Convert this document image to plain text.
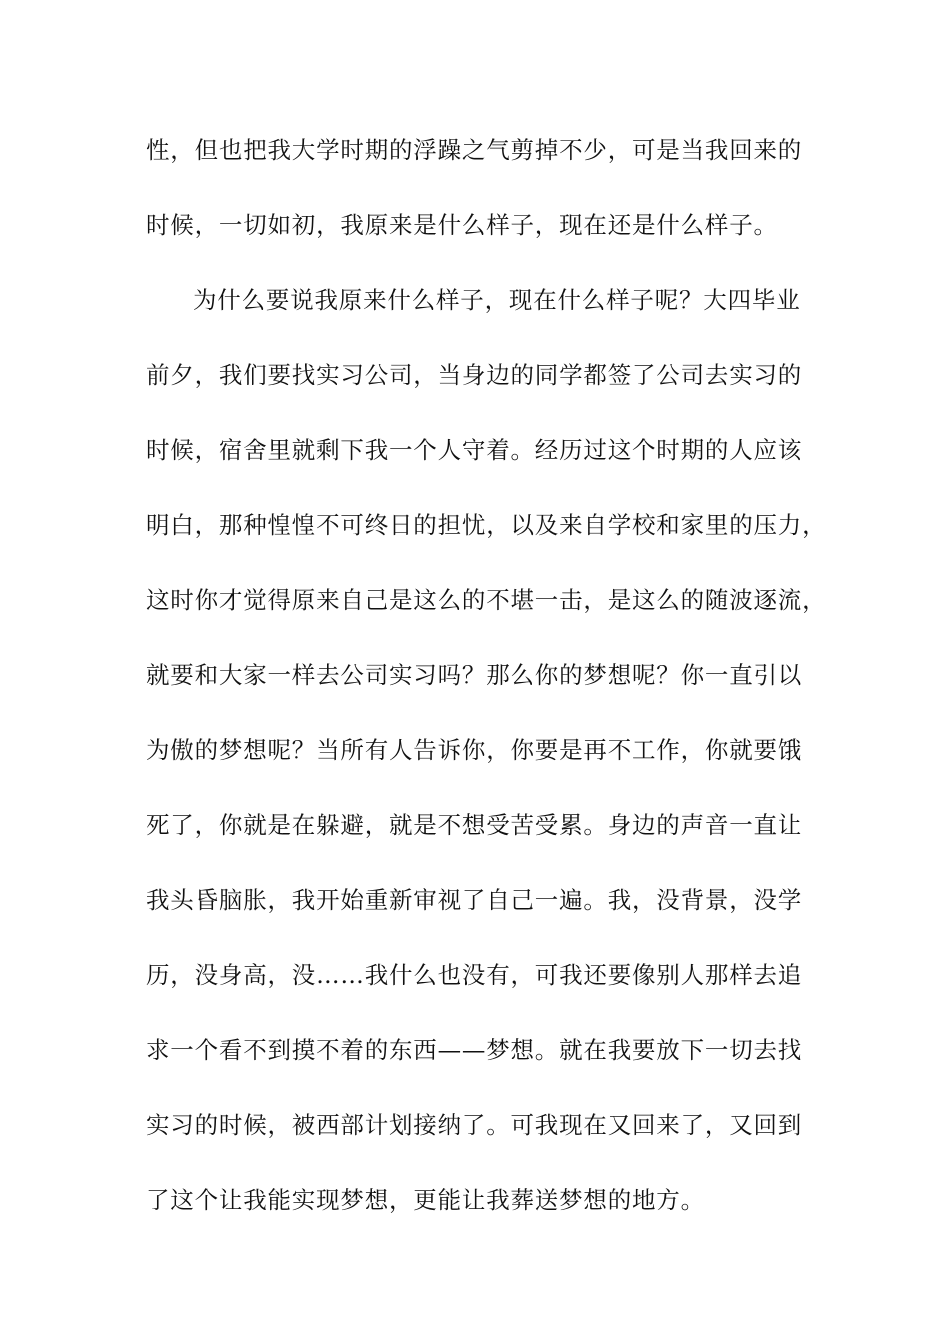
性，但也把我大学时期的浮躁之气剪掉不少，可是当我回来的
时候，一切如初，我原来是什么样子，现在还是什么样子。
为什么要说我原来什么样子，现在什么样子呢？大四毕业
前夕，我们要找实习公司，当身边的同学都签了公司去实习的
时候，宿舍里就剩下我一个人守着。经历过这个时期的人应该
明白，那种惶惶不可终日的担忧，以及来自学校和家里的压力，
这时你才觉得原来自己是这么的不堪一击，是这么的随波逐流，
就要和大家一样去公司实习吗？那么你的梦想呢？你一直引以
为傲的梦想呢？当所有人告诉你，你要是再不工作，你就要饿
死了，你就是在躲避，就是不想受苦受累。身边的声音一直让
我头昏脑胀，我开始重新审视了自己一遍。我，没背景，没学
历，没身高，没……我什么也没有，可我还要像别人那样去追
求一个看不到摸不着的东西——梦想。就在我要放下一切去找
实习的时候，被西部计划接纳了。可我现在又回来了，又回到
了这个让我能实现梦想，更能让我葬送梦想的地方。
